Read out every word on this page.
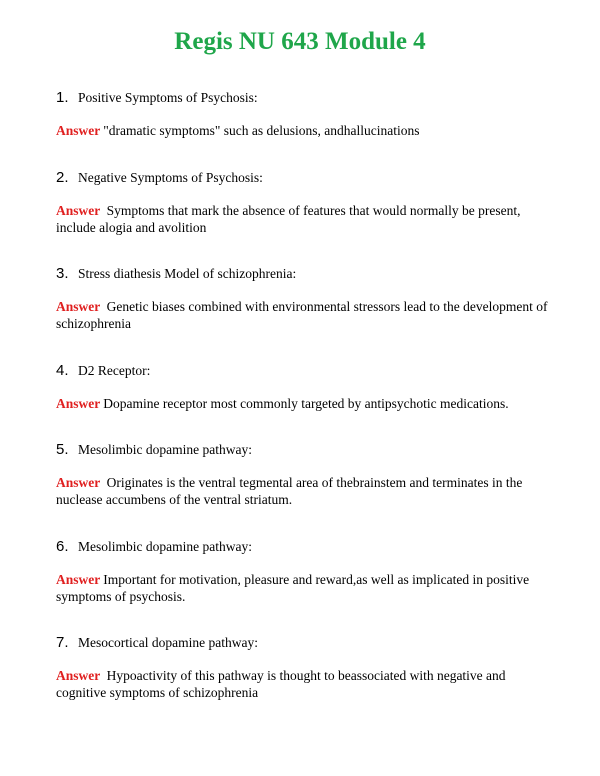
Regis NU 643 Module 4

1. Positive Symptoms of Psychosis:

Answer "dramatic symptoms" such as delusions, andhallucinations

2. Negative Symptoms of Psychosis:

Answer Symptoms that mark the absence of features that would normally be present, include alogia and avolition

3. Stress diathesis Model of schizophrenia:

Answer Genetic biases combined with environmental stressors lead to the development of schizophrenia

4. D2 Receptor:

Answer Dopamine receptor most commonly targeted by antipsychotic medications.

5. Mesolimbic dopamine pathway:

Answer Originates is the ventral tegmental area of thebrainstem and terminates in the nuclease accumbens of the ventral striatum.

6. Mesolimbic dopamine pathway:

Answer Important for motivation, pleasure and reward,as well as implicated in positive symptoms of psychosis.

7. Mesocortical dopamine pathway:

Answer Hypoactivity of this pathway is thought to beassociated with negative and cognitive symptoms of schizophrenia
